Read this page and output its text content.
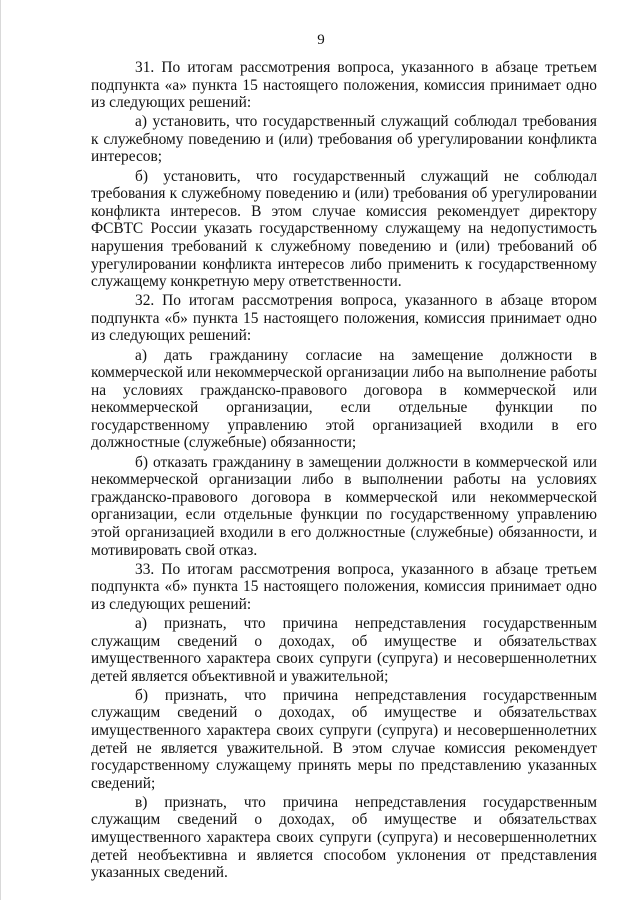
9

31. По итогам рассмотрения вопроса, указанного в абзаце третьем подпункта «а» пункта 15 настоящего положения, комиссия принимает одно из следующих решений:

а) установить, что государственный служащий соблюдал требования к служебному поведению и (или) требования об урегулировании конфликта интересов;

б) установить, что государственный служащий не соблюдал требования к служебному поведению и (или) требования об урегулировании конфликта интересов. В этом случае комиссия рекомендует директору ФСВТС России указать государственному служащему на недопустимость нарушения требований к служебному поведению и (или) требований об урегулировании конфликта интересов либо применить к государственному служащему конкретную меру ответственности.

32. По итогам рассмотрения вопроса, указанного в абзаце втором подпункта «б» пункта 15 настоящего положения, комиссия принимает одно из следующих решений:

а) дать гражданину согласие на замещение должности в коммерческой или некоммерческой организации либо на выполнение работы на условиях гражданско-правового договора в коммерческой или некоммерческой организации, если отдельные функции по государственному управлению этой организацией входили в его должностные (служебные) обязанности;

б) отказать гражданину в замещении должности в коммерческой или некоммерческой организации либо в выполнении работы на условиях гражданско-правового договора в коммерческой или некоммерческой организации, если отдельные функции по государственному управлению этой организацией входили в его должностные (служебные) обязанности, и мотивировать свой отказ.

33. По итогам рассмотрения вопроса, указанного в абзаце третьем подпункта «б» пункта 15 настоящего положения, комиссия принимает одно из следующих решений:

а) признать, что причина непредставления государственным служащим сведений о доходах, об имуществе и обязательствах имущественного характера своих супруги (супруга) и несовершеннолетних детей является объективной и уважительной;

б) признать, что причина непредставления государственным служащим сведений о доходах, об имуществе и обязательствах имущественного характера своих супруги (супруга) и несовершеннолетних детей не является уважительной. В этом случае комиссия рекомендует государственному служащему принять меры по представлению указанных сведений;

в) признать, что причина непредставления государственным служащим сведений о доходах, об имуществе и обязательствах имущественного характера своих супруги (супруга) и несовершеннолетних детей необъективна и является способом уклонения от представления указанных сведений.
